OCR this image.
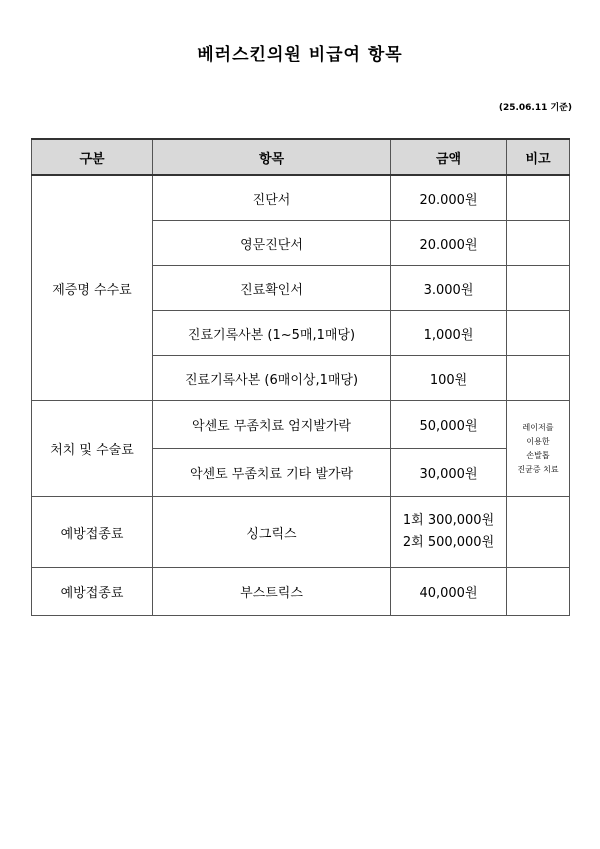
베러스킨의원 비급여 항목
(25.06.11 기준)
구분	항목	금액	비고
제증명 수수료	진단서	20.000원	
	영문진단서	20.000원	
	진료확인서	3.000원	
	진료기록사본 (1~5매,1매당)	1,000원	
	진료기록사본 (6매이상,1매당)	100원	
처치 및 수술료	악센토 무좀치료 엄지발가락	50,000원	레이저를
이용한
손발톱
진균증 치료

	악센토 무좀치료 기타 발가락	30,000원	
예방접종료	싱그릭스	1회 300,000원
2회 500,000원	

예방접종료	부스트릭스	40,000원	
